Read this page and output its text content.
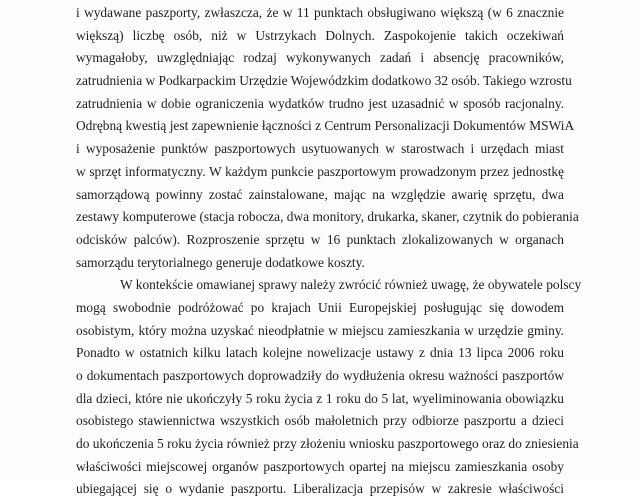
i wydawane paszporty, zwłaszcza, że w 11 punktach obsługiwano większą (w 6 znacznie
większą) liczbę osób, niż w Ustrzykach Dolnych. Zaspokojenie takich oczekiwań
wymagałoby, uwzględniając rodzaj wykonywanych zadań i absencję pracowników,
zatrudnienia w Podkarpackim Urzędzie Wojewódzkim dodatkowo 32 osób. Takiego wzrostu
zatrudnienia w dobie ograniczenia wydatków trudno jest uzasadnić w sposób racjonalny.
Odrębną kwestią jest zapewnienie łączności z Centrum Personalizacji Dokumentów MSWiA
i wyposażenie punktów paszportowych usytuowanych w starostwach i urzędach miast
w sprzęt informatyczny. W każdym punkcie paszportowym prowadzonym przez jednostkę
samorządową powinny zostać zainstalowane, mając na względzie awarię sprzętu, dwa
zestawy komputerowe (stacja robocza, dwa monitory, drukarka, skaner, czytnik do pobierania
odcisków palców). Rozproszenie sprzętu w 16 punktach zlokalizowanych w organach
samorządu terytorialnego generuje dodatkowe koszty.
W kontekście omawianej sprawy należy zwrócić również uwagę, że obywatele polscy
mogą swobodnie podróżować po krajach Unii Europejskiej posługując się dowodem
osobistym, który można uzyskać nieodpłatnie w miejscu zamieszkania w urzędzie gminy.
Ponadto w ostatnich kilku latach kolejne nowelizacje ustawy z dnia 13 lipca 2006 roku
o dokumentach paszportowych doprowadziły do wydłużenia okresu ważności paszportów
dla dzieci, które nie ukończyły 5 roku życia z 1 roku do 5 lat, wyeliminowania obowiązku
osobistego stawiennictwa wszystkich osób małoletnich przy odbiorze paszportu a dzieci
do ukończenia 5 roku życia również przy złożeniu wniosku paszportowego oraz do zniesienia
właściwości miejscowej organów paszportowych opartej na miejscu zamieszkania osoby
ubiegającej się o wydanie paszportu. Liberalizacja przepisów w zakresie właściwości
